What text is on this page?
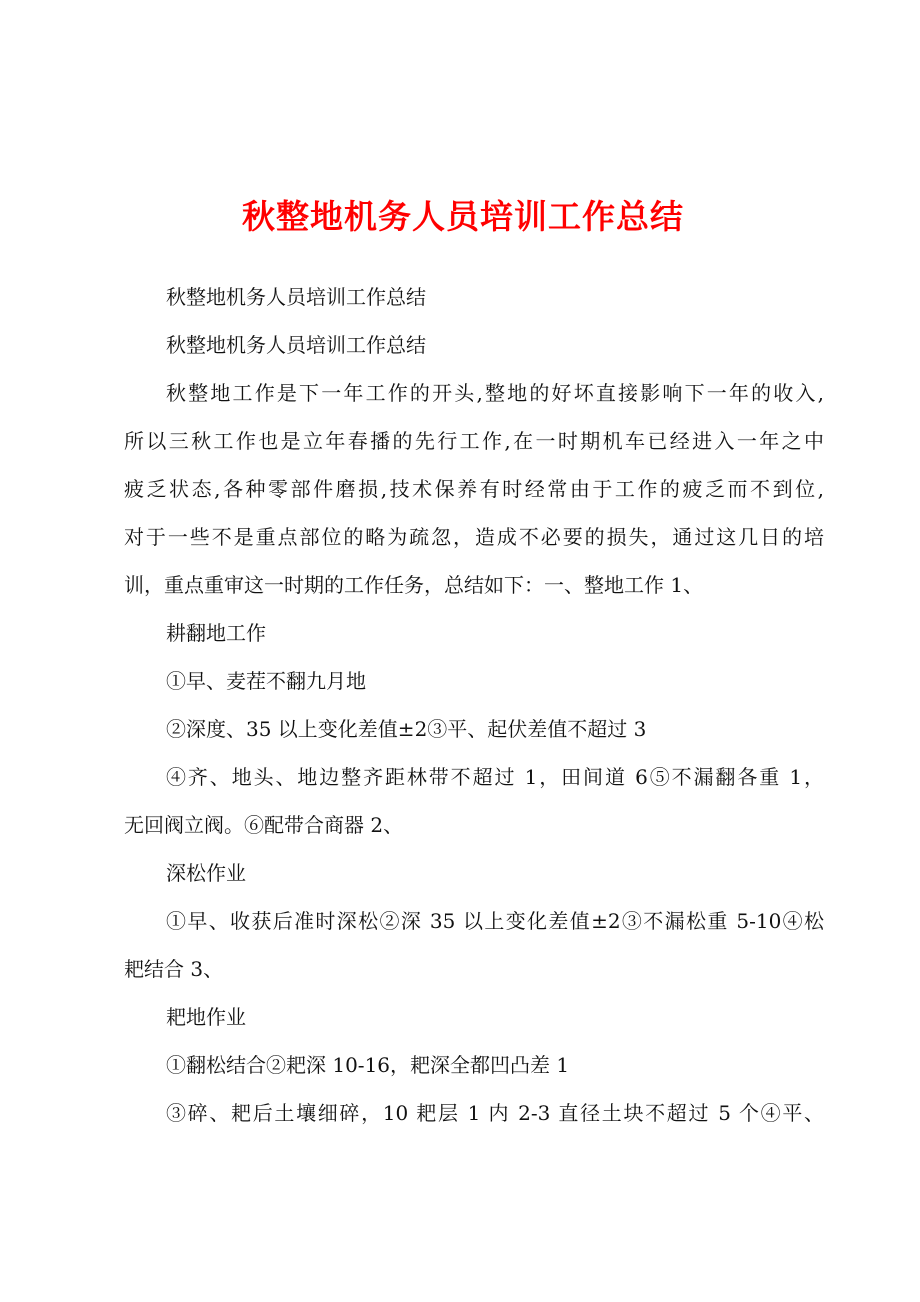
秋整地机务人员培训工作总结
秋整地机务人员培训工作总结
秋整地机务人员培训工作总结
秋整地工作是下一年工作的开头,整地的好坏直接影响下一年的收入,
所以三秋工作也是立年春播的先行工作,在一时期机车已经进入一年之中
疲乏状态,各种零部件磨损,技术保养有时经常由于工作的疲乏而不到位,
对于一些不是重点部位的略为疏忽，造成不必要的损失，通过这几日的培
训，重点重审这一时期的工作任务，总结如下：一、整地工作 1、
耕翻地工作
①早、麦茬不翻九月地
②深度、35 以上变化差值±2③平、起伏差值不超过 3
④齐、地头、地边整齐距林带不超过 1，田间道 6⑤不漏翻各重 1，
无回阀立阀。⑥配带合商器 2、
深松作业
①早、收获后准时深松②深 35 以上变化差值±2③不漏松重 5-10④松
耙结合 3、
耙地作业
①翻松结合②耙深 10-16，耙深全都凹凸差 1
③碎、耙后土壤细碎，10 耙层 1 内 2-3 直径土块不超过 5 个④平、
